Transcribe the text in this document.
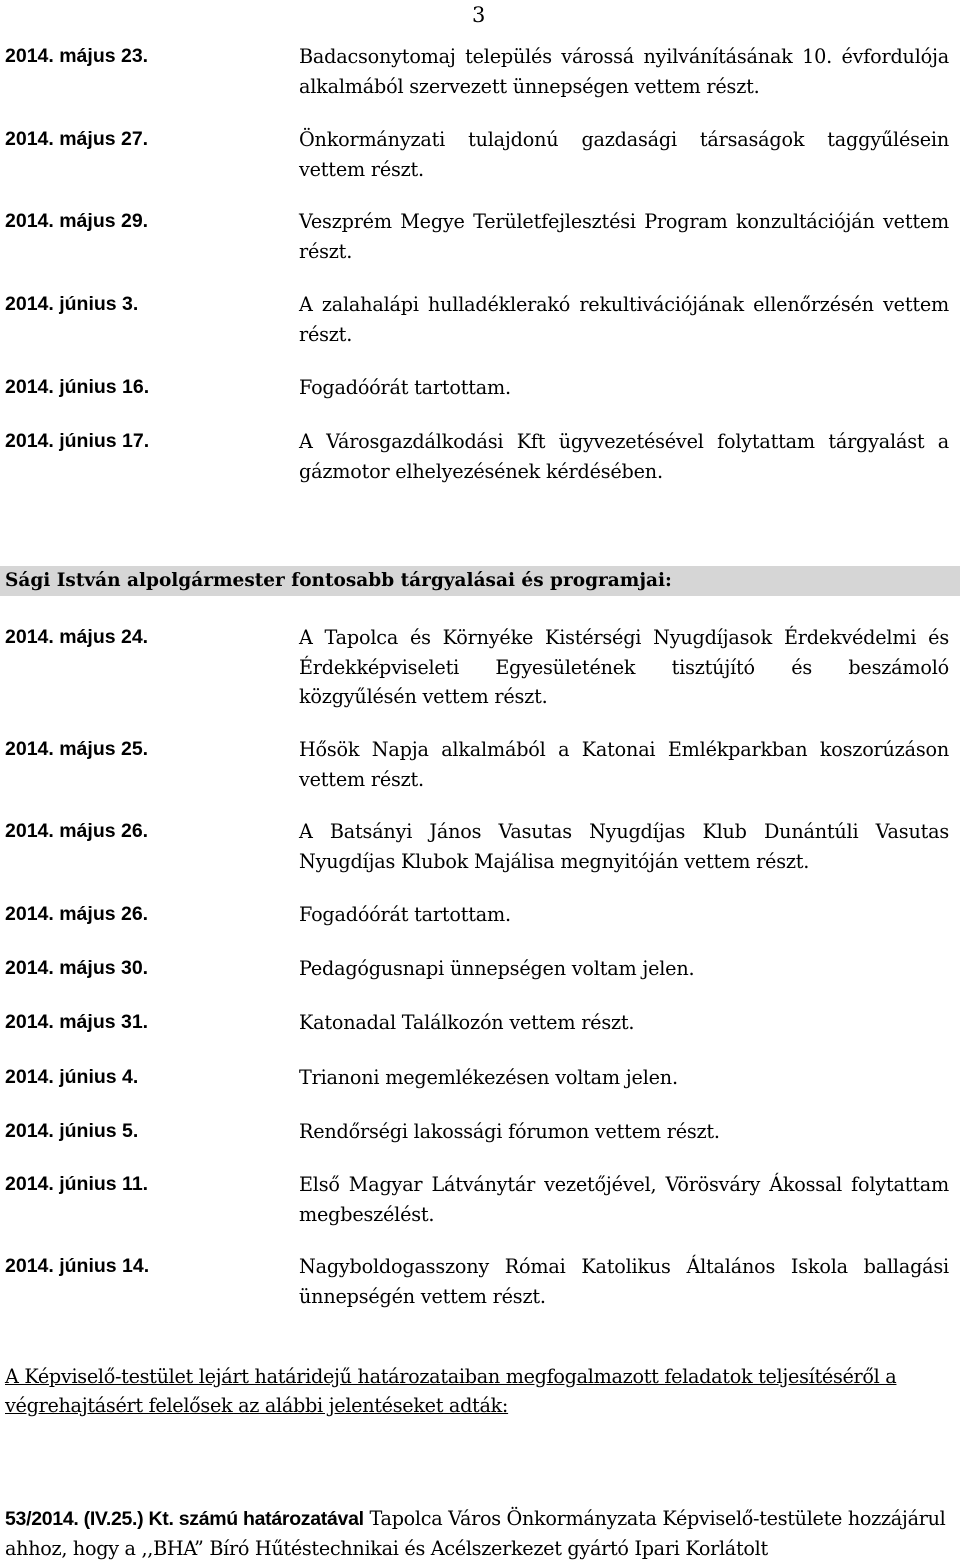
3
2014. május 23.	Badacsonytomaj település várossá nyilvánításának 10. évfordulója alkalmából szervezett ünnepségen vettem részt.
2014. május 27.	Önkormányzati tulajdonú gazdasági társaságok taggyűlésein vettem részt.
2014. május 29.	Veszprém Megye Területfejlesztési Program konzultációján vettem részt.
2014. június 3.	A zalahalápi hulladéklerakó rekultivációjának ellenőrzésén vettem részt.
2014. június 16.	Fogadóórát tartottam.
2014. június 17.	A Városgazdálkodási Kft ügyvezetésével folytattam tárgyalást a gázmotor elhelyezésének kérdésében.
Sági István alpolgármester fontosabb tárgyalásai és programjai:
2014. május 24.	A Tapolca és Környéke Kistérségi Nyugdíjasok Érdekvédelmi és Érdekképviseleti Egyesületének tisztújító és beszámoló közgyűlésén vettem részt.
2014. május 25.	Hősök Napja alkalmából a Katonai Emlékparkban koszorúzáson vettem részt.
2014. május 26.	A Batsányi János Vasutas Nyugdíjas Klub Dunántúli Vasutas Nyugdíjas Klubok Majálisa megnyitóján vettem részt.
2014. május 26.	Fogadóórát tartottam.
2014. május 30.	Pedagógusnapi ünnepségen voltam jelen.
2014. május 31.	Katonadal Találkozón vettem részt.
2014. június 4.	Trianoni megemlékezésen voltam jelen.
2014. június 5.	Rendőrségi lakossági fórumon vettem részt.
2014. június 11.	Első Magyar Látványtár vezetőjével, Vörösváry Ákossal folytattam megbeszélést.
2014. június 14.	Nagyboldogasszony Római Katolikus Általános Iskola ballagási ünnepségén vettem részt.
A Képviselő-testület lejárt határidejű határozataiban megfogalmazott feladatok teljesítéséről a végrehajtásért felelősek az alábbi jelentéseket adták:
53/2014. (IV.25.) Kt. számú határozatával Tapolca Város Önkormányzata Képviselő-testülete hozzájárul ahhoz, hogy a ,,BHA” Bíró Hűtéstechnikai és Acélszerkezet gyártó Ipari Korlátolt
